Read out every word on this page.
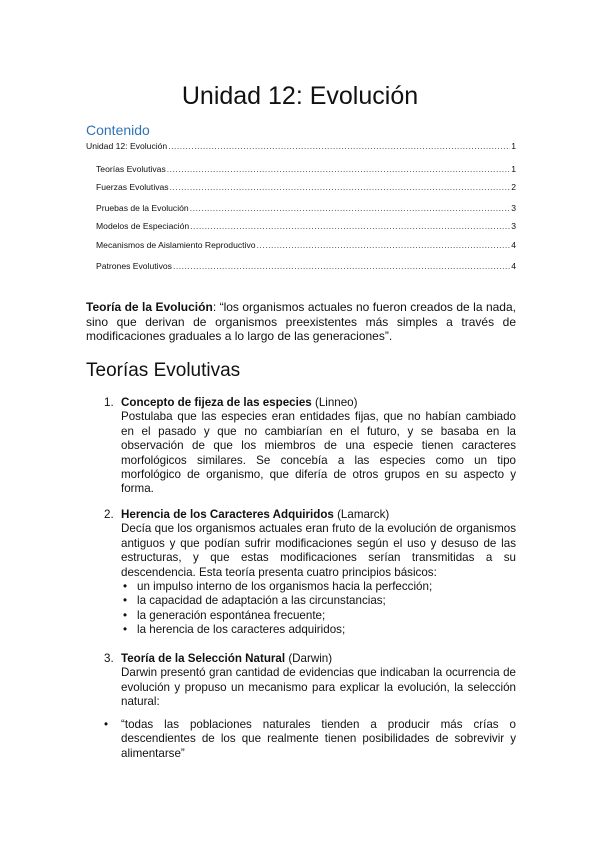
Unidad 12: Evolución
Contenido
Unidad 12: Evolución .....	1
Teorías Evolutivas .....	1
Fuerzas Evolutivas .....	2
Pruebas de la Evolución .....	3
Modelos de Especiación .....	3
Mecanismos de Aislamiento Reproductivo .....	4
Patrones Evolutivos .....	4
Teoría de la Evolución: “los organismos actuales no fueron creados de la nada, sino que derivan de organismos preexistentes más simples a través de modificaciones graduales a lo largo de las generaciones”.
Teorías Evolutivas
1. Concepto de fijeza de las especies (Linneo)
Postulaba que las especies eran entidades fijas, que no habían cambiado en el pasado y que no cambiarían en el futuro, y se basaba en la observación de que los miembros de una especie tienen caracteres morfológicos similares. Se concebía a las especies como un tipo morfológico de organismo, que difería de otros grupos en su aspecto y forma.
2. Herencia de los Caracteres Adquiridos (Lamarck)
Decía que los organismos actuales eran fruto de la evolución de organismos antiguos y que podían sufrir modificaciones según el uso y desuso de las estructuras, y que estas modificaciones serían transmitidas a su descendencia. Esta teoría presenta cuatro principios básicos:
• un impulso interno de los organismos hacia la perfección;
• la capacidad de adaptación a las circunstancias;
• la generación espontánea frecuente;
• la herencia de los caracteres adquiridos;
3. Teoría de la Selección Natural (Darwin)
Darwin presentó gran cantidad de evidencias que indicaban la ocurrencia de evolución y propuso un mecanismo para explicar la evolución, la selección natural:
• “todas las poblaciones naturales tienden a producir más crías o descendientes de los que realmente tienen posibilidades de sobrevivir y alimentarse”
